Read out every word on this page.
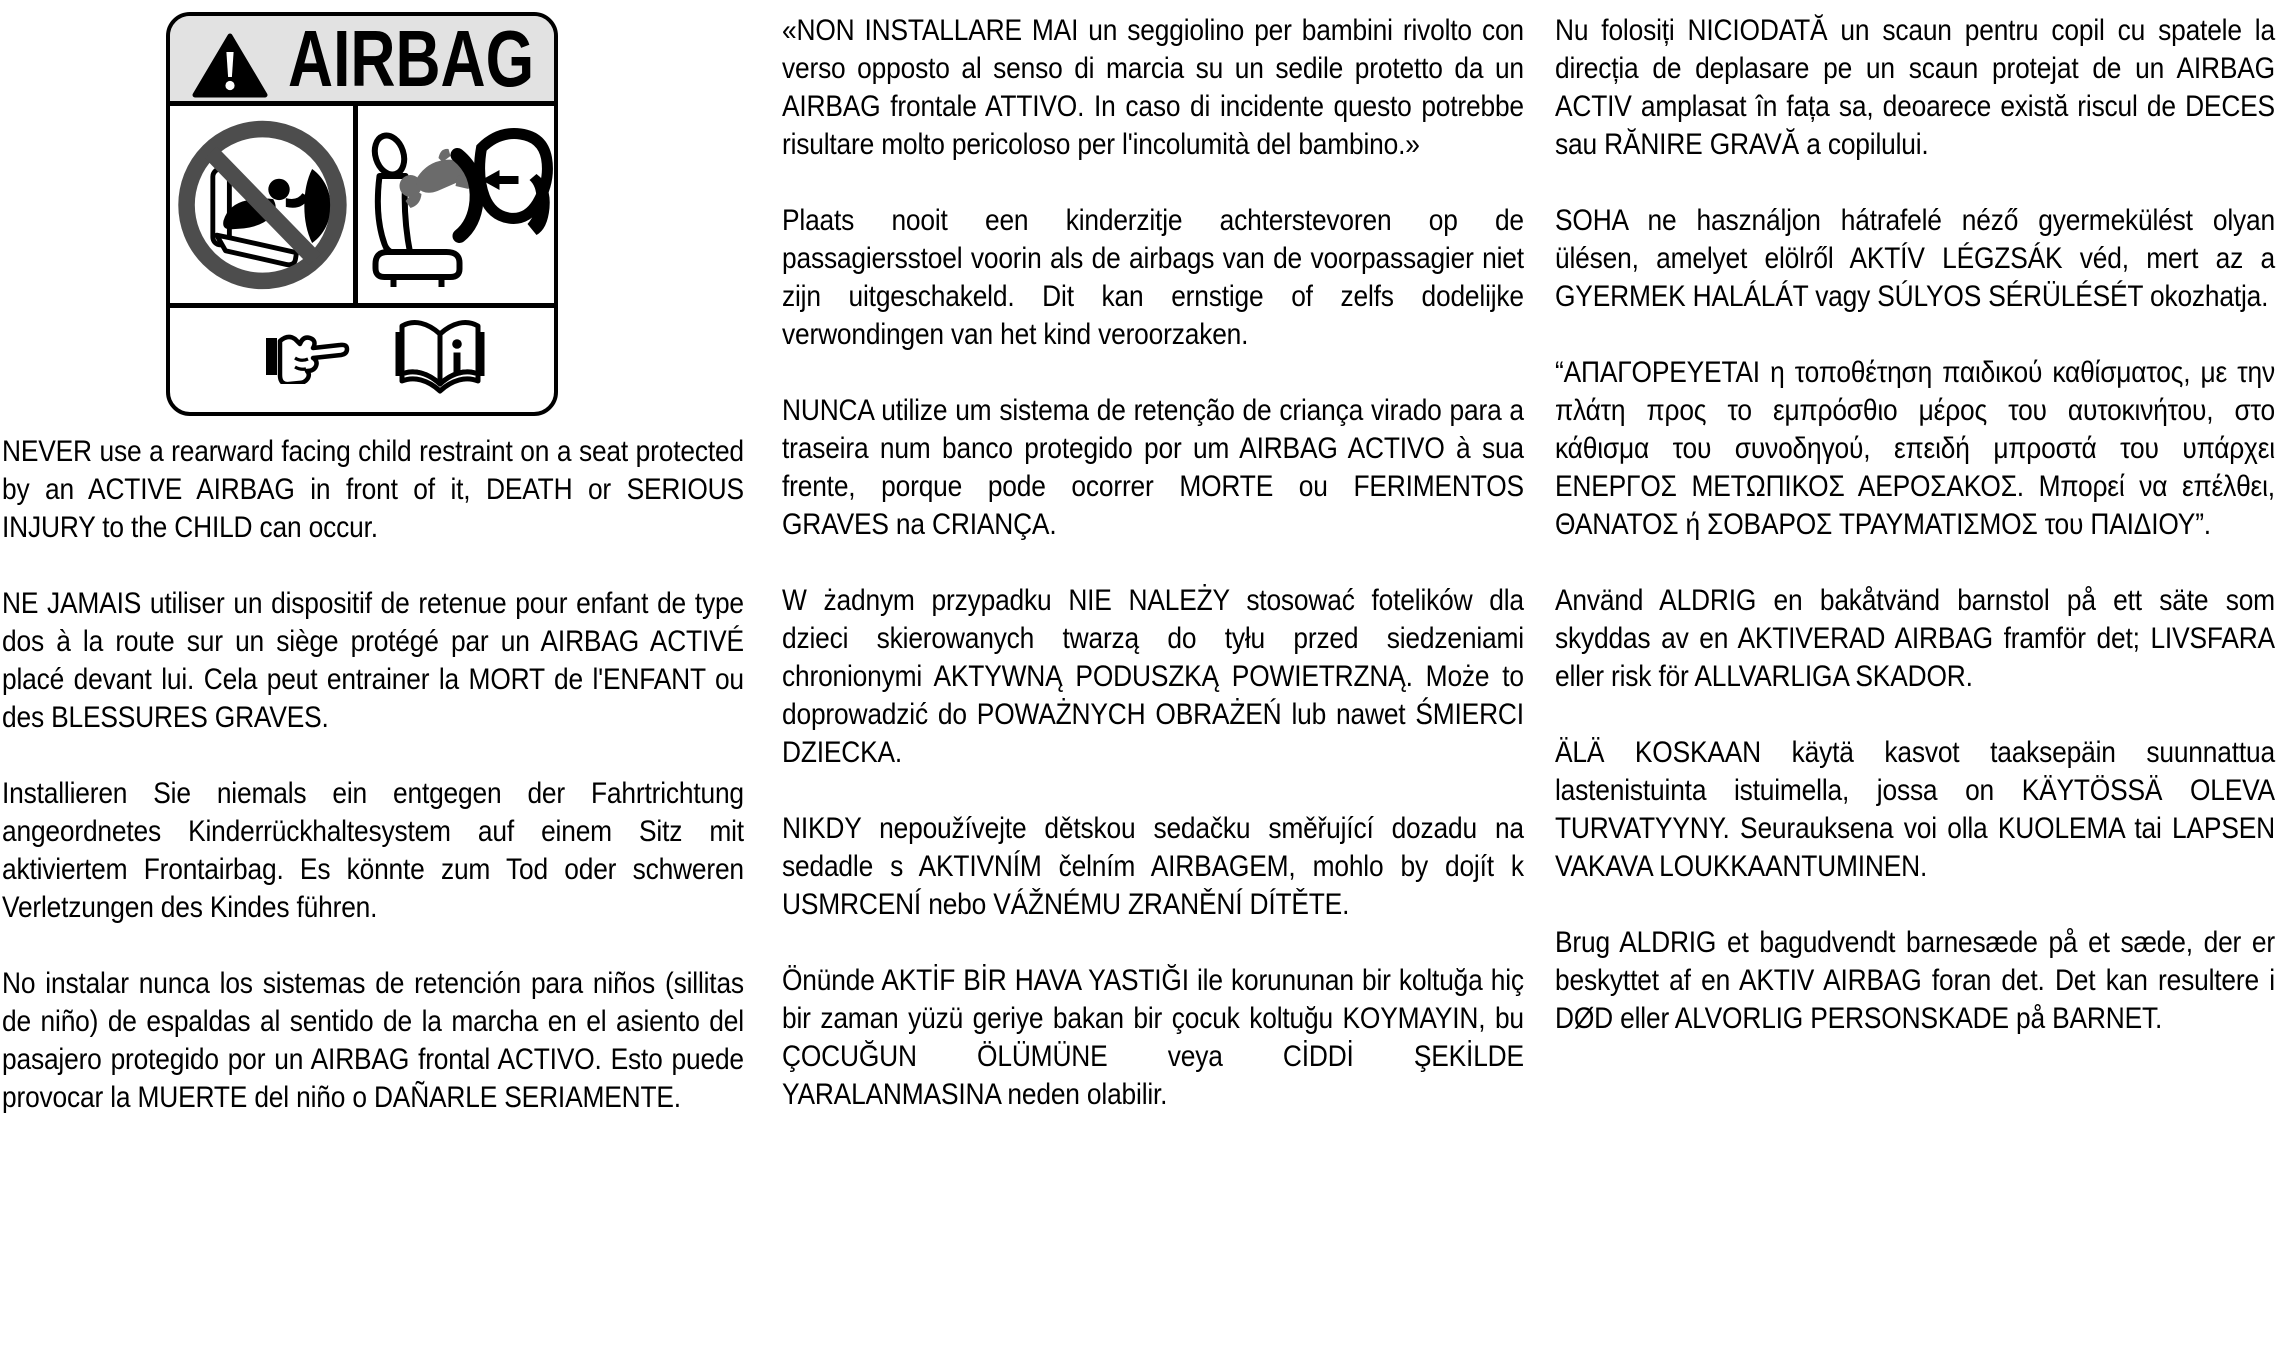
AIRBAG

NEVER use a rearward facing child restraint on a seat protected by an ACTIVE AIRBAG in front of it, DEATH or SERIOUS INJURY to the CHILD can occur.

NE JAMAIS utiliser un dispositif de retenue pour enfant de type dos à la route sur un siège protégé par un AIRBAG ACTIVÉ placé devant lui. Cela peut entrainer la MORT de l'ENFANT ou des BLESSURES GRAVES.

Installieren Sie niemals ein entgegen der Fahrtrichtung angeordnetes Kinderrückhaltesystem auf einem Sitz mit aktiviertem Frontairbag. Es könnte zum Tod oder schweren Verletzungen des Kindes führen.

No instalar nunca los sistemas de retención para niños (sillitas de niño) de espaldas al sentido de la marcha en el asiento del pasajero protegido por un AIRBAG frontal ACTIVO. Esto puede provocar la MUERTE del niño o DAÑARLE SERIAMENTE.

«NON INSTALLARE MAI un seggiolino per bambini rivolto con verso opposto al senso di marcia su un sedile protetto da un AIRBAG frontale ATTIVO. In caso di incidente questo potrebbe risultare molto pericoloso per l'incolumità del bambino.»

Plaats nooit een kinderzitje achterstevoren op de passagiersstoel voorin als de airbags van de voorpassagier niet zijn uitgeschakeld. Dit kan ernstige of zelfs dodelijke verwondingen van het kind veroorzaken.

NUNCA utilize um sistema de retenção de criança virado para a traseira num banco protegido por um AIRBAG ACTIVO à sua frente, porque pode ocorrer MORTE ou FERIMENTOS GRAVES na CRIANÇA.

W żadnym przypadku NIE NALEŻY stosować fotelików dla dzieci skierowanych twarzą do tyłu przed siedzeniami chronionymi AKTYWNĄ PODUSZKĄ POWIETRZNĄ. Może to doprowadzić do POWAŻNYCH OBRAŻEŃ lub nawet ŚMIERCI DZIECKA.

NIKDY nepoužívejte dětskou sedačku směřující dozadu na sedadle s AKTIVNÍM čelním AIRBAGEM, mohlo by dojít k USMRCENÍ nebo VÁŽNÉMU ZRANĚNÍ DÍTĚTE.

Önünde AKTİF BİR HAVA YASTIĞI ile korununan bir koltuğa hiç bir zaman yüzü geriye bakan bir çocuk koltuğu KOYMAYIN, bu ÇOCUĞUN ÖLÜMÜNE veya CİDDİ ŞEKİLDE YARALANMASINA neden olabilir.

Nu folosiți NICIODATĂ un scaun pentru copil cu spatele la direcția de deplasare pe un scaun protejat de un AIRBAG ACTIV amplasat în fața sa, deoarece există riscul de DECES sau RĂNIRE GRAVĂ a copilului.

SOHA ne használjon hátrafelé néző gyermekülést olyan ülésen, amelyet elölről AKTÍV LÉGZSÁK véd, mert az a GYERMEK HALÁLÁT vagy SÚLYOS SÉRÜLÉSÉT okozhatja.

“ΑΠΑΓΟΡΕΥΕΤΑΙ η τοποθέτηση παιδικού καθίσματος, με την πλάτη προς το εμπρόσθιο μέρος του αυτοκινήτου, στο κάθισμα του συνοδηγού, επειδή μπροστά του υπάρχει ΕΝΕΡΓΟΣ ΜΕΤΩΠΙΚΟΣ ΑΕΡΟΣΑΚΟΣ. Μπορεί να επέλθει, ΘΑΝΑΤΟΣ ή ΣΟΒΑΡΟΣ ΤΡΑΥΜΑΤΙΣΜΟΣ του ΠΑΙΔΙΟΥ”.

Använd ALDRIG en bakåtvänd barnstol på ett säte som skyddas av en AKTIVERAD AIRBAG framför det; LIVSFARA eller risk för ALLVARLIGA SKADOR.

ÄLÄ KOSKAAN käytä kasvot taaksepäin suunnattua lastenistuinta istuimella, jossa on KÄYTÖSSÄ OLEVA TURVATYYNY. Seurauksena voi olla KUOLEMA tai LAPSEN VAKAVA LOUKKAANTUMINEN.

Brug ALDRIG et bagudvendt barnesæde på et sæde, der er beskyttet af en AKTIV AIRBAG foran det. Det kan resultere i DØD eller ALVORLIG PERSONSKADE på BARNET.
